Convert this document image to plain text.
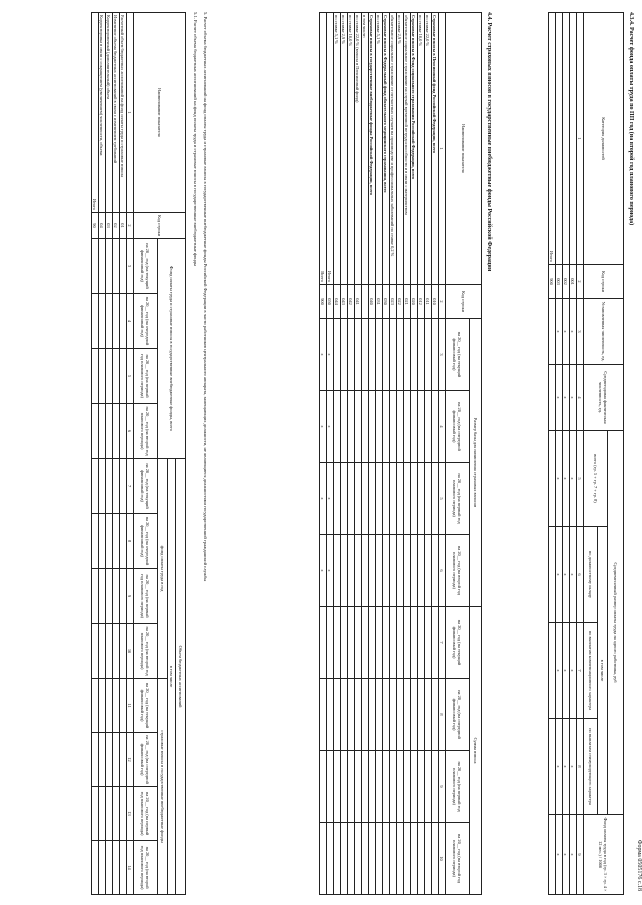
Форма 0505176 с.18
4.3.4. Расчет фонда оплаты труда по ПП год (на второй год планового периода)
Категория должностей	Код строки	Установленная численность, ед.	Среднегодовая фактическая численность, ед.	Среднемесячный размер оплаты труда на одного работника, руб				Фонд оплаты труда в год (гр. 3 × гр. 4 × 12 мес.) / 1000
				всего (гр. 5 + гр. 7 + гр. 8)	в том числе			
					по должностному окладу	по выплатам компенсационного характера	по выплатам стимулирующего характера	
1	2	3	4	5	6	7	8	9
	001	х	х	х	х	х	х	х
	002	х	х	х	х	х	х	х
	003	х	х	х	х	х	х	х
Итого	900							
4.4. Расчет страховых взносов в государственные внебюджетные фонды Российской Федерации
Наименование показателя	Код строки	Размер базы для начисления страховых взносов				Сумма взноса			
		на 20__ год (на текущий финансовый год)	на 20__ год (на очередной финансовый год)	на 20__ год (на первый год планового периода)	на 20__ год (на второй год планового периода)	на 20__ год (на текущий финансовый год)	на 20__ год (на очередной финансовый год)	на 20__ год (на первый год планового периода)	на 20__ год (на второй год планового периода)
1	2	3	4	5	6	7	8	9	10
Страховые взносы в Пенсионный фонд Российской Федерации, всего	010								
по ставке 22,0 %	011								
по ставке 10,0 %	012								
Страховые взносы в Фонд социального страхования Российской Федерации, всего	020								
обязательное социальное страхование на случай временной нетрудоспособности и в связи с материнством	021								
по ставке 2,9 %	022								
обязательное социальное страхование от несчастных случаев на производстве и профессиональных заболеваний по ставке 0,2 %	023								
Страховые взносы в Федеральный фонд обязательного медицинского страхования, всего	030								
по ставке 5,1 %	031								
Страховые взносы в государственные внебюджетные фонды Российской Федерации, всего	040								
в том числе:									
по ставке 22,0 % (взносы в Пенсионный фонд)	041								
по ставке 10,0 %	042								
по ставке 2,9 %	043								
по ставке 5,1 %	044								
Итого	050	х	х	х	х				
Всего	900	х	х	х	х				
5. Расчет объема бюджетных ассигнований на фонд оплаты труда и страховые взносы в государственные внебюджетные фонды Российской Федерации в части работников центрального аппарата, замещающих должности, не являющиеся должностями государственной гражданской службы
5.1. Расчет объема бюджетных ассигнований на фонд оплаты труда и страховые взносы в государственные внебюджетные фонды
Наименование показателя	Код строки	Фонд оплаты труда и страховые взносы в государственные внебюджетные фонды, всего				Объем бюджетных ассигнований							
						в том числе							
						фонд оплаты труда в год				страховые взносы в государственные внебюджетные фонды			
		на 20__ год (на текущий финансовый год)	на 20__ год (на очередной финансовый год)	на 20__ год (на первый год планового периода)	на 20__ год (на второй год планового периода)	на 20__ год (на текущий финансовый год)	на 20__ год (на очередной финансовый год)	на 20__ год (на первый год планового периода)	на 20__ год (на второй год планового периода)	на 20__ год (на текущий финансовый год)	на 20__ год (на очередной финансовый год)	на 20__ год (на первый год планового периода)	на 20__ год (на второй год планового периода)
1	2	3	4	5	6	7	8	9	10	11	12	13	14
Расчетный объем бюджетных ассигнований на фонд оплаты труда и страховые взносы	01												
Изменение объема бюджетных ассигнований в связи с изменением требований	02												
Корректировочный (дополнительный) объем	03												
Корректировка в связи с сокращением (увеличением) численности, объема	04												
Итого	90												
